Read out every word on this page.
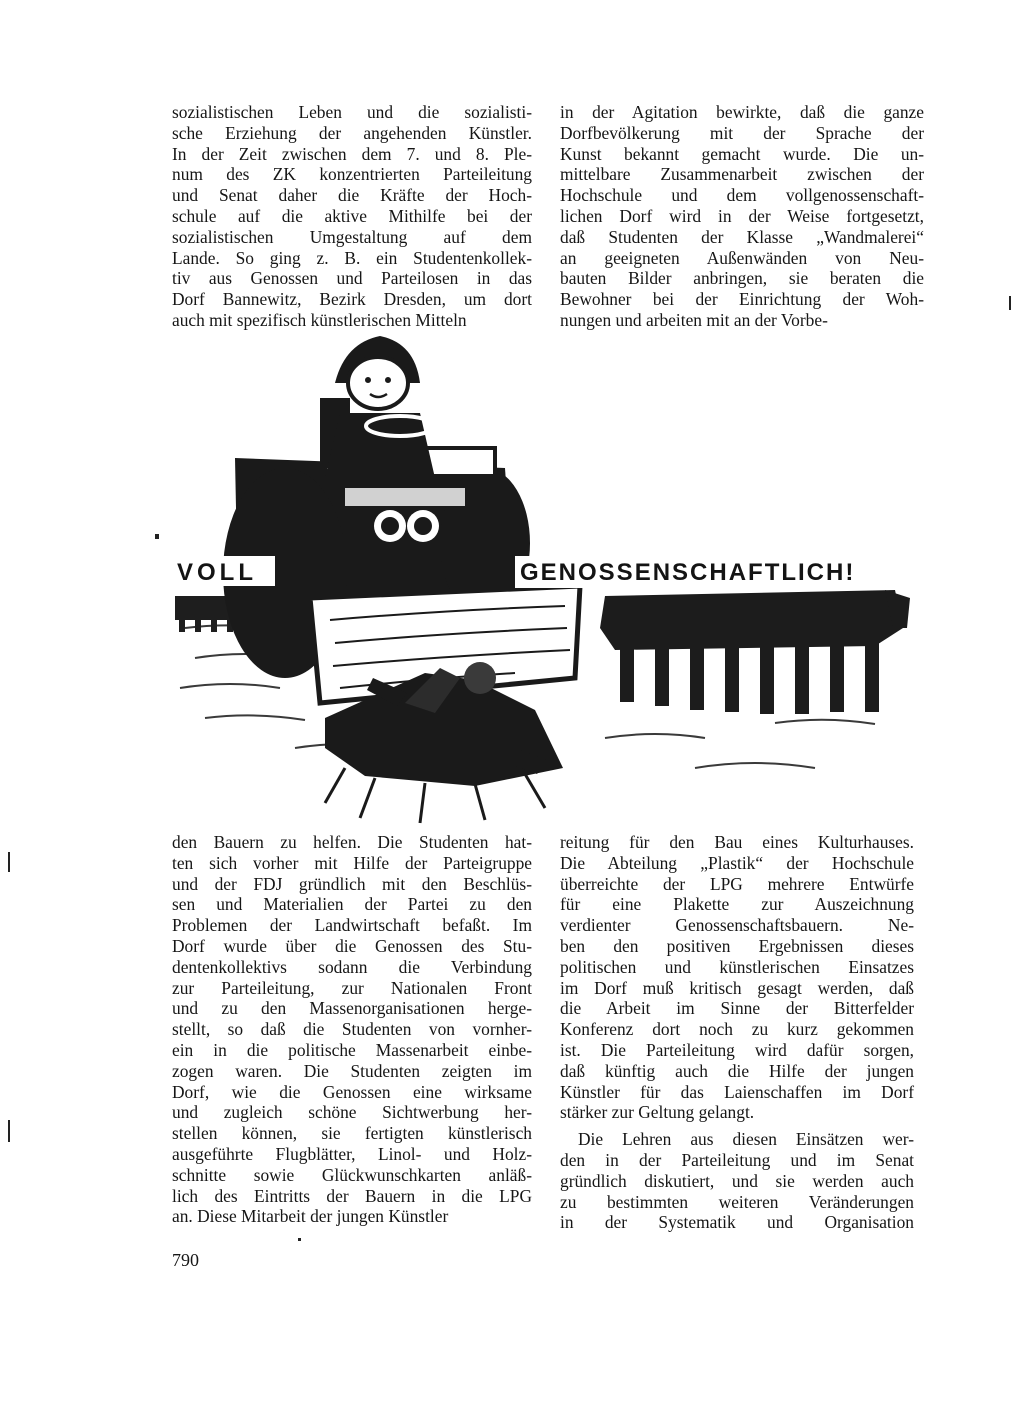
sozialistischen Leben und die sozialisti-
sche Erziehung der angehenden Künstler.
In der Zeit zwischen dem 7. und 8. Ple-
num des ZK konzentrierten Parteileitung
und Senat daher die Kräfte der Hoch-
schule auf die aktive Mithilfe bei der
sozialistischen Umgestaltung auf dem
Lande. So ging z. B. ein Studentenkollek-
tiv aus Genossen und Parteilosen in das
Dorf Bannewitz, Bezirk Dresden, um dort
auch mit spezifisch künstlerischen Mitteln
in der Agitation bewirkte, daß die ganze
Dorfbevölkerung mit der Sprache der
Kunst bekannt gemacht wurde. Die un-
mittelbare Zusammenarbeit zwischen der
Hochschule und dem vollgenossenschaft-
lichen Dorf wird in der Weise fortgesetzt,
daß Studenten der Klasse „Wandmalerei“
an geeigneten Außenwänden von Neu-
bauten Bilder anbringen, sie beraten die
Bewohner bei der Einrichtung der Woh-
nungen und arbeiten mit an der Vorbe-
VOLL	GENOSSENSCHAFTLICH!
den Bauern zu helfen. Die Studenten hat-
ten sich vorher mit Hilfe der Parteigruppe
und der FDJ gründlich mit den Beschlüs-
sen und Materialien der Partei zu den
Problemen der Landwirtschaft befaßt. Im
Dorf wurde über die Genossen des Stu-
dentenkollektivs sodann die Verbindung
zur Parteileitung, zur Nationalen Front
und zu den Massenorganisationen herge-
stellt, so daß die Studenten von vornher-
ein in die politische Massenarbeit einbe-
zogen waren. Die Studenten zeigten im
Dorf, wie die Genossen eine wirksame
und zugleich schöne Sichtwerbung her-
stellen können, sie fertigten künstlerisch
ausgeführte Flugblätter, Linol- und Holz-
schnitte sowie Glückwunschkarten anläß-
lich des Eintritts der Bauern in die LPG
an. Diese Mitarbeit der jungen Künstler
reitung für den Bau eines Kulturhauses.
Die Abteilung „Plastik“ der Hochschule
überreichte der LPG mehrere Entwürfe
für eine Plakette zur Auszeichnung
verdienter Genossenschaftsbauern. Ne-
ben den positiven Ergebnissen dieses
politischen und künstlerischen Einsatzes
im Dorf muß kritisch gesagt werden, daß
die Arbeit im Sinne der Bitterfelder
Konferenz dort noch zu kurz gekommen
ist. Die Parteileitung wird dafür sorgen,
daß künftig auch die Hilfe der jungen
Künstler für das Laienschaffen im Dorf
stärker zur Geltung gelangt.
Die Lehren aus diesen Einsätzen wer-
den in der Parteileitung und im Senat
gründlich diskutiert, und sie werden auch
zu bestimmten weiteren Veränderungen
in der Systematik und Organisation
790
